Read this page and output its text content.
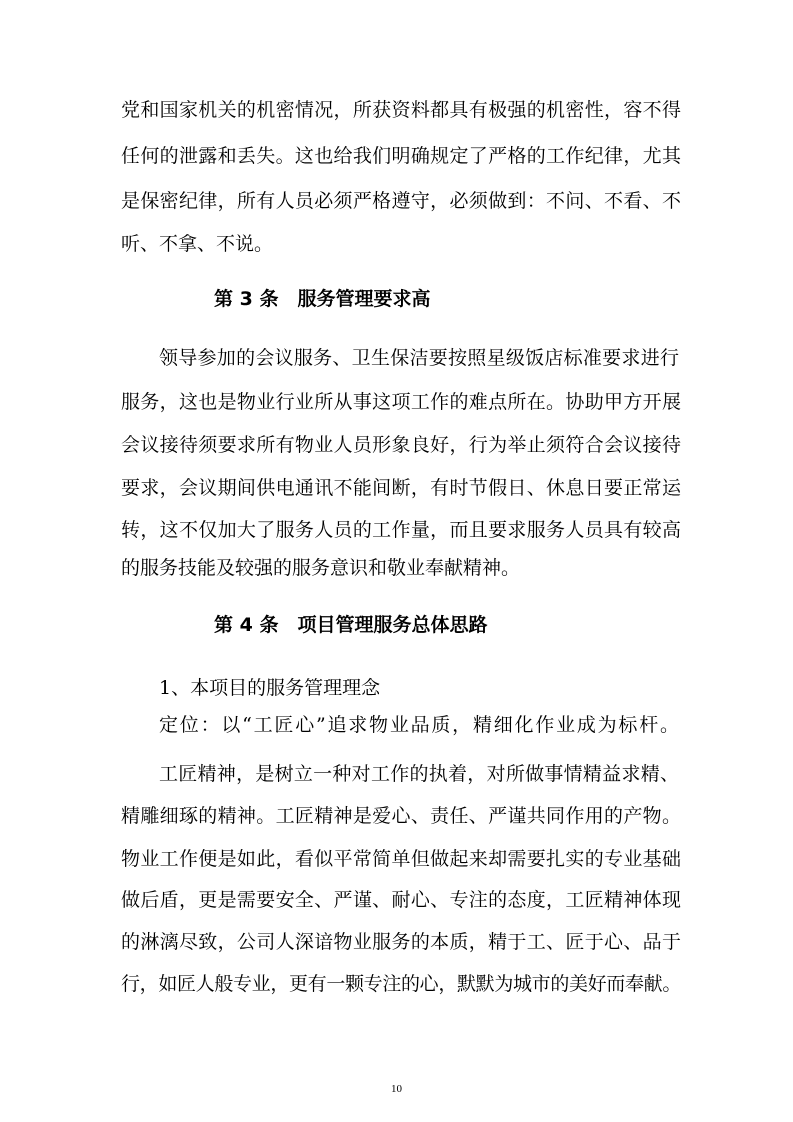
党和国家机关的机密情况，所获资料都具有极强的机密性，容不得
任何的泄露和丢失。这也给我们明确规定了严格的工作纪律，尤其
是保密纪律，所有人员必须严格遵守，必须做到：不问、不看、不
听、不拿、不说。
第 3 条　服务管理要求高
领导参加的会议服务、卫生保洁要按照星级饭店标准要求进行
服务，这也是物业行业所从事这项工作的难点所在。协助甲方开展
会议接待须要求所有物业人员形象良好，行为举止须符合会议接待
要求，会议期间供电通讯不能间断，有时节假日、休息日要正常运
转，这不仅加大了服务人员的工作量，而且要求服务人员具有较高
的服务技能及较强的服务意识和敬业奉献精神。
第 4 条　项目管理服务总体思路
1、本项目的服务管理理念
定位：以“工匠心”追求物业品质，精细化作业成为标杆。
工匠精神，是树立一种对工作的执着，对所做事情精益求精、
精雕细琢的精神。工匠精神是爱心、责任、严谨共同作用的产物。
物业工作便是如此，看似平常简单但做起来却需要扎实的专业基础
做后盾，更是需要安全、严谨、耐心、专注的态度，工匠精神体现
的淋漓尽致，公司人深谙物业服务的本质，精于工、匠于心、品于
行，如匠人般专业，更有一颗专注的心，默默为城市的美好而奉献。
10
